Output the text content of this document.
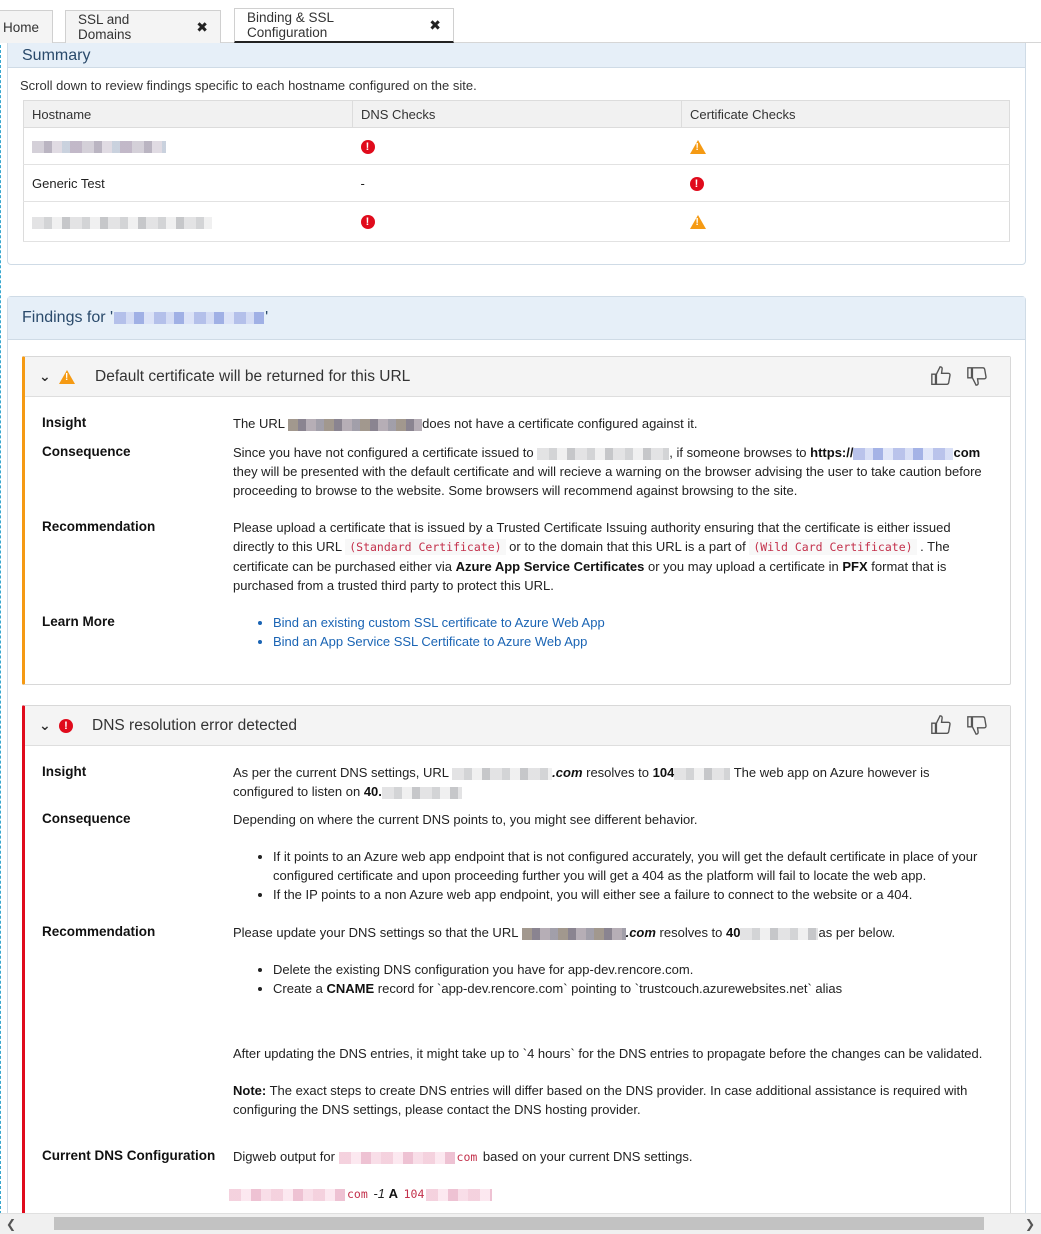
Home	SSL and Domains	✖
Binding & SSL Configuration	✖
Summary
Scroll down to review findings specific to each hostname configured on the site.
Hostname	DNS Checks	Certificate Checks
	!	!
Generic Test	-	!
	!	!
Findings for '	'
⌄ !	Default certificate will be returned for this URL
Insight	The URL	does not have a certificate configured against it.
Consequence	Since you have not configured a certificate issued to	, if someone browses to https://	com they will be presented with the default certificate and will recieve a warning on the browser advising the user to take caution before proceeding to browse to the website. Some browsers will recommend against browsing to the site.
Recommendation	Please upload a certificate that is issued by a Trusted Certificate Issuing authority ensuring that the certificate is either issued directly to this URL (Standard Certificate) or to the domain that this URL is a part of (Wild Card Certificate) . The certificate can be purchased either via Azure App Service Certificates or you may upload a certificate in PFX format that is purchased from a trusted third party to protect this URL.
Learn More	• Bind an existing custom SSL certificate to Azure Web App
• Bind an App Service SSL Certificate to Azure Web App
⌄	!	DNS resolution error detected
Insight	As per the current DNS settings, URL	.com resolves to 104	The web app on Azure however is configured to listen on 40.
Consequence	Depending on where the current DNS points to, you might see different behavior.
• If it points to an Azure web app endpoint that is not configured accurately, you will get the default certificate in place of your configured certificate and upon proceeding further you will get a 404 as the platform will fail to locate the web app.
• If the IP points to a non Azure web app endpoint, you will either see a failure to connect to the website or a 404.
Recommendation	Please update your DNS settings so that the URL	.com resolves to 40	as per below.
• Delete the existing DNS configuration you have for app-dev.rencore.com.
• Create a CNAME record for `app-dev.rencore.com` pointing to `trustcouch.azurewebsites.net` alias
After updating the DNS entries, it might take up to `4 hours` for the DNS entries to propagate before the changes can be validated.
Note: The exact steps to create DNS entries will differ based on the DNS provider. In case additional assistance is required with configuring the DNS settings, please contact the DNS hosting provider.
Current DNS Configuration Digweb output for	com based on your current DNS settings.
com -1 A 104
❮	❯
